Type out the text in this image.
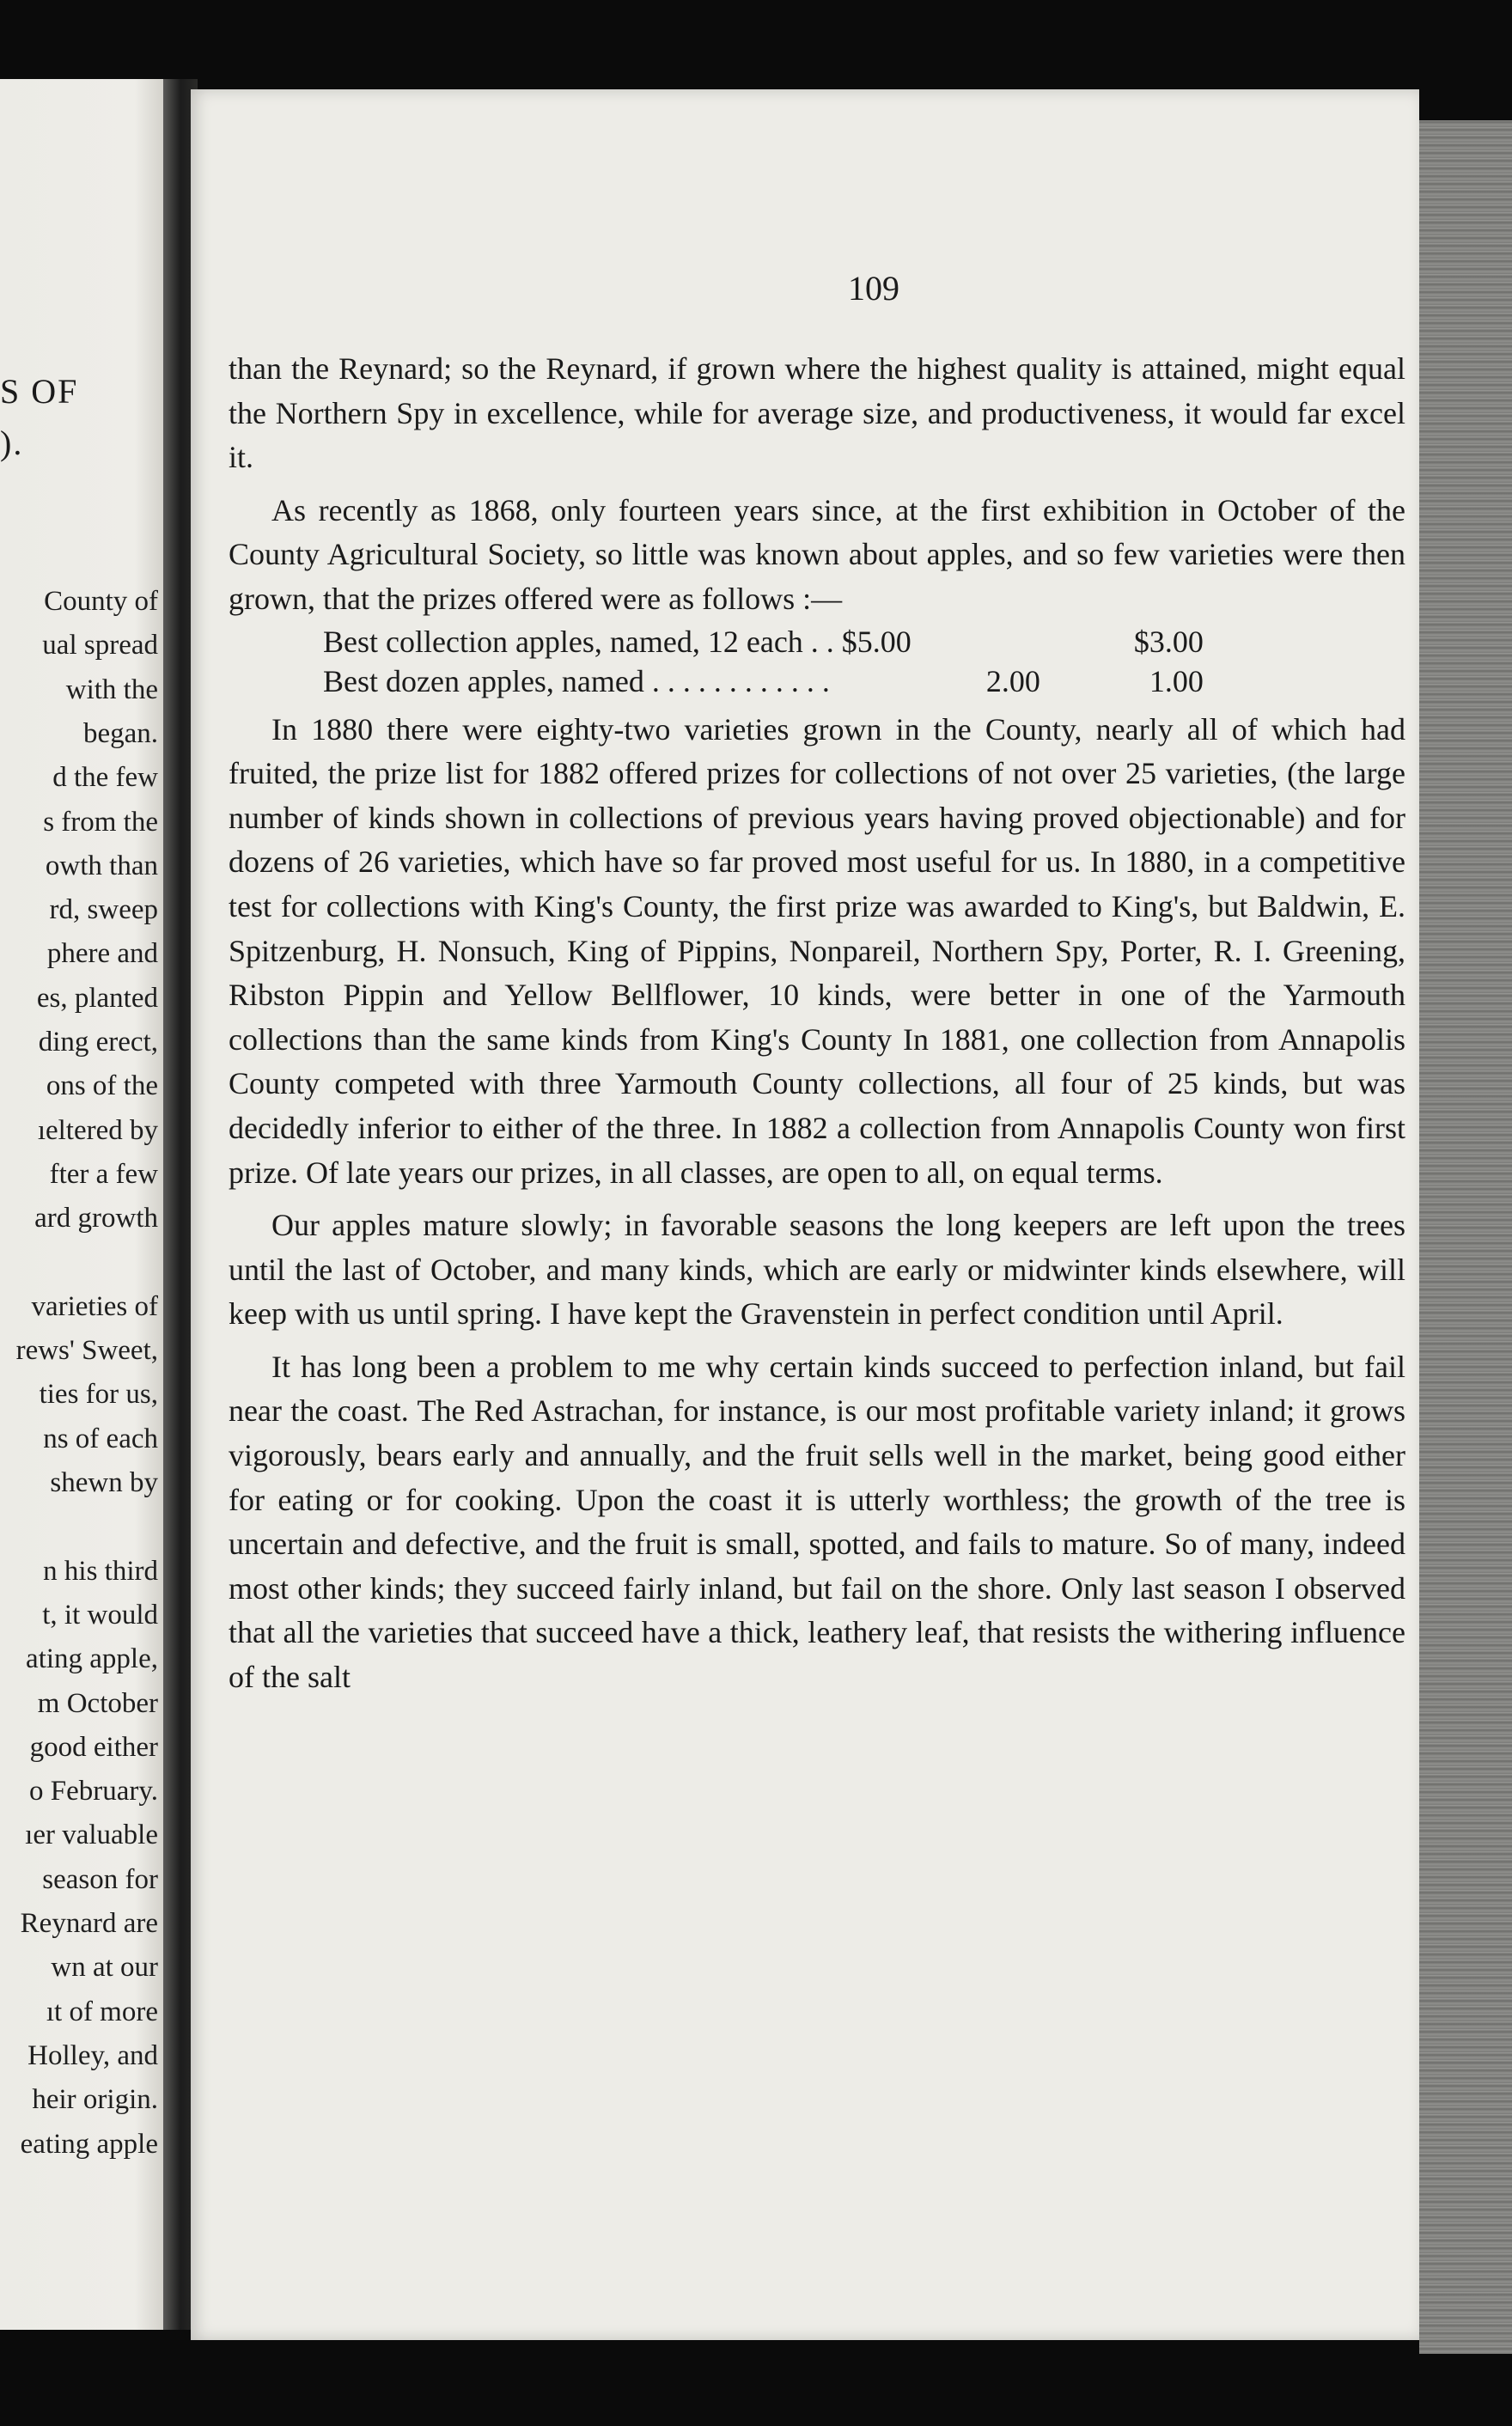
S OF
).
County of
ual spread
with the
began.
d the few
s from the
owth than
rd, sweep
phere and
es, planted
ding erect,
ons of the
ıeltered by
fter a few
ard growth
varieties of
rews' Sweet,
ties for us,
ns of each
shewn by
n his third
t, it would
ating apple,
m October
good either
o February.
ıer valuable
season for
Reynard are
wn at our
ıt of more
Holley, and
heir origin.
eating apple
109

than the Reynard; so the Reynard, if grown where the highest quality is attained, might equal the Northern Spy in excellence, while for average size, and productiveness, it would far excel it.

As recently as 1868, only fourteen years since, at the first exhibition in October of the County Agricultural Society, so little was known about apples, and so few varieties were then grown, that the prizes offered were as follows :—

Best collection apples, named, 12 each . . $5.00		$3.00
Best dozen apples, named . . . . . . . . . . . .	2.00	1.00

In 1880 there were eighty-two varieties grown in the County, nearly all of which had fruited, the prize list for 1882 offered prizes for collections of not over 25 varieties, (the large number of kinds shown in collections of previous years having proved objectionable) and for dozens of 26 varieties, which have so far proved most useful for us. In 1880, in a competitive test for collections with King's County, the first prize was awarded to King's, but Baldwin, E. Spitzenburg, H. Nonsuch, King of Pippins, Nonpareil, Northern Spy, Porter, R. I. Greening, Ribston Pippin and Yellow Bellflower, 10 kinds, were better in one of the Yarmouth collections than the same kinds from King's County In 1881, one collection from Annapolis County competed with three Yarmouth County collections, all four of 25 kinds, but was decidedly inferior to either of the three. In 1882 a collection from Annapolis County won first prize. Of late years our prizes, in all classes, are open to all, on equal terms.

Our apples mature slowly; in favorable seasons the long keepers are left upon the trees until the last of October, and many kinds, which are early or midwinter kinds elsewhere, will keep with us until spring. I have kept the Gravenstein in perfect condition until April.

It has long been a problem to me why certain kinds succeed to perfection inland, but fail near the coast. The Red Astrachan, for instance, is our most profitable variety inland; it grows vigorously, bears early and annually, and the fruit sells well in the market, being good either for eating or for cooking. Upon the coast it is utterly worthless; the growth of the tree is uncertain and defective, and the fruit is small, spotted, and fails to mature. So of many, indeed most other kinds; they succeed fairly inland, but fail on the shore. Only last season I observed that all the varieties that succeed have a thick, leathery leaf, that resists the withering influence of the salt
